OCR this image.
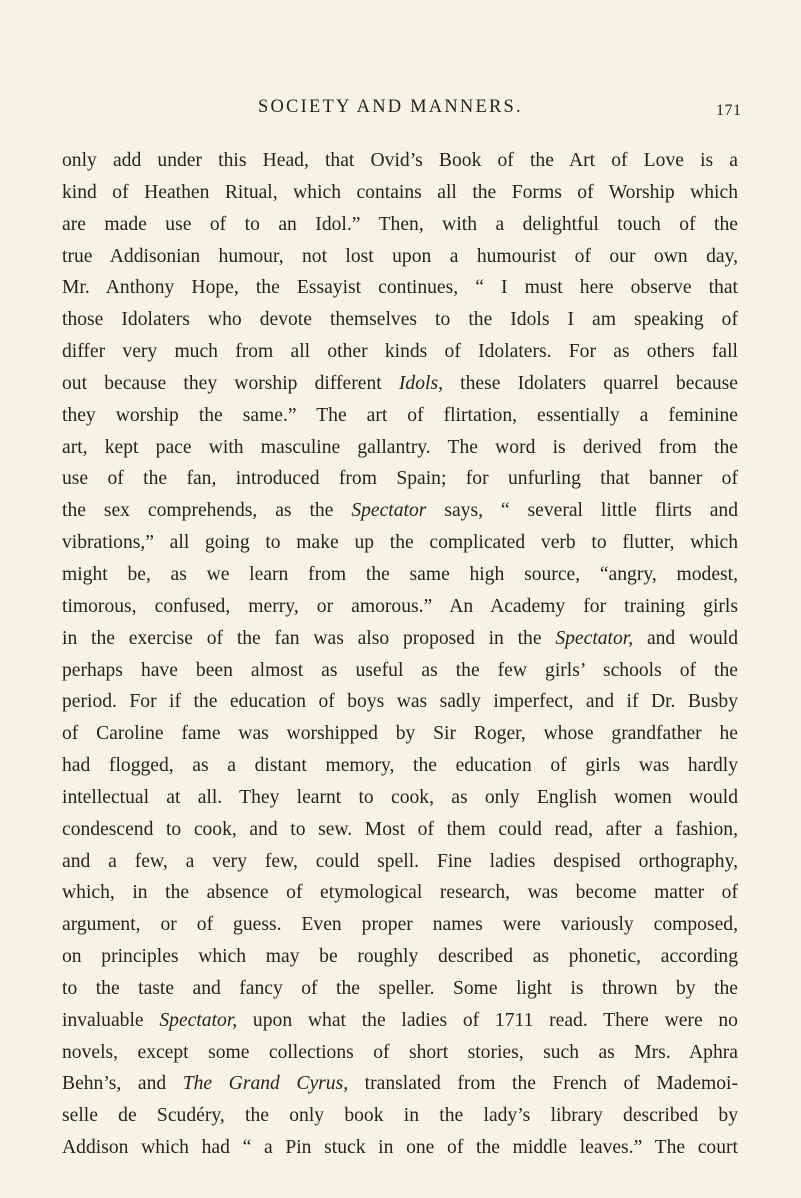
SOCIETY AND MANNERS.	171
only add under this Head, that Ovid’s Book of the Art of Love is a
kind of Heathen Ritual, which contains all the Forms of Worship which
are made use of to an Idol.” Then, with a delightful touch of the
true Addisonian humour, not lost upon a humourist of our own day,
Mr. Anthony Hope, the Essayist continues, “ I must here observe that
those Idolaters who devote themselves to the Idols I am speaking of
differ very much from all other kinds of Idolaters. For as others fall
out because they worship different Idols, these Idolaters quarrel because
they worship the same.” The art of flirtation, essentially a feminine
art, kept pace with masculine gallantry. The word is derived from the
use of the fan, introduced from Spain; for unfurling that banner of
the sex comprehends, as the Spectator says, “ several little flirts and
vibrations,” all going to make up the complicated verb to flutter, which
might be, as we learn from the same high source, “angry, modest,
timorous, confused, merry, or amorous.” An Academy for training girls
in the exercise of the fan was also proposed in the Spectator, and would
perhaps have been almost as useful as the few girls’ schools of the
period. For if the education of boys was sadly imperfect, and if Dr. Busby
of Caroline fame was worshipped by Sir Roger, whose grandfather he
had flogged, as a distant memory, the education of girls was hardly
intellectual at all. They learnt to cook, as only English women would
condescend to cook, and to sew. Most of them could read, after a fashion,
and a few, a very few, could spell. Fine ladies despised orthography,
which, in the absence of etymological research, was become matter of
argument, or of guess. Even proper names were variously composed,
on principles which may be roughly described as phonetic, according
to the taste and fancy of the speller. Some light is thrown by the
invaluable Spectator, upon what the ladies of 1711 read. There were no
novels, except some collections of short stories, such as Mrs. Aphra
Behn’s, and The Grand Cyrus, translated from the French of Mademoi-
selle de Scudéry, the only book in the lady’s library described by
Addison which had “ a Pin stuck in one of the middle leaves.” The court
